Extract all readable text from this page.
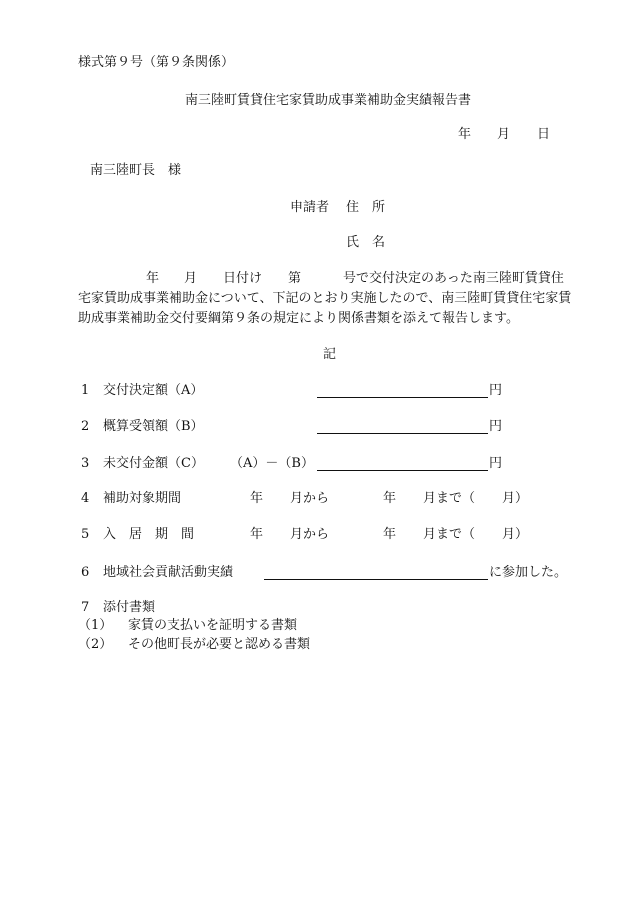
様式第９号（第９条関係）
南三陸町賃貸住宅家賃助成事業補助金実績報告書
年 月 日
南三陸町長　様
申請者 住　所
氏　名
年 月 日付け 第	号で交付決定のあった南三陸町賃貸住
宅家賃助成事業補助金について、下記のとおり実施したので、南三陸町賃貸住宅家賃
助成事業補助金交付要綱第９条の規定により関係書類を添えて報告します。
記
1 交付決定額（A）	円
2 概算受領額（B）	円
3 未交付金額（C） （A）－（B）	円
4 補助対象期間	年 月から	年 月まで（ 月）
5 入　居　期　間	年 月から	年 月まで（ 月）
6 地域社会貢献活動実績	に参加した。
7 添付書類
（1） 家賃の支払いを証明する書類
（2） その他町長が必要と認める書類
